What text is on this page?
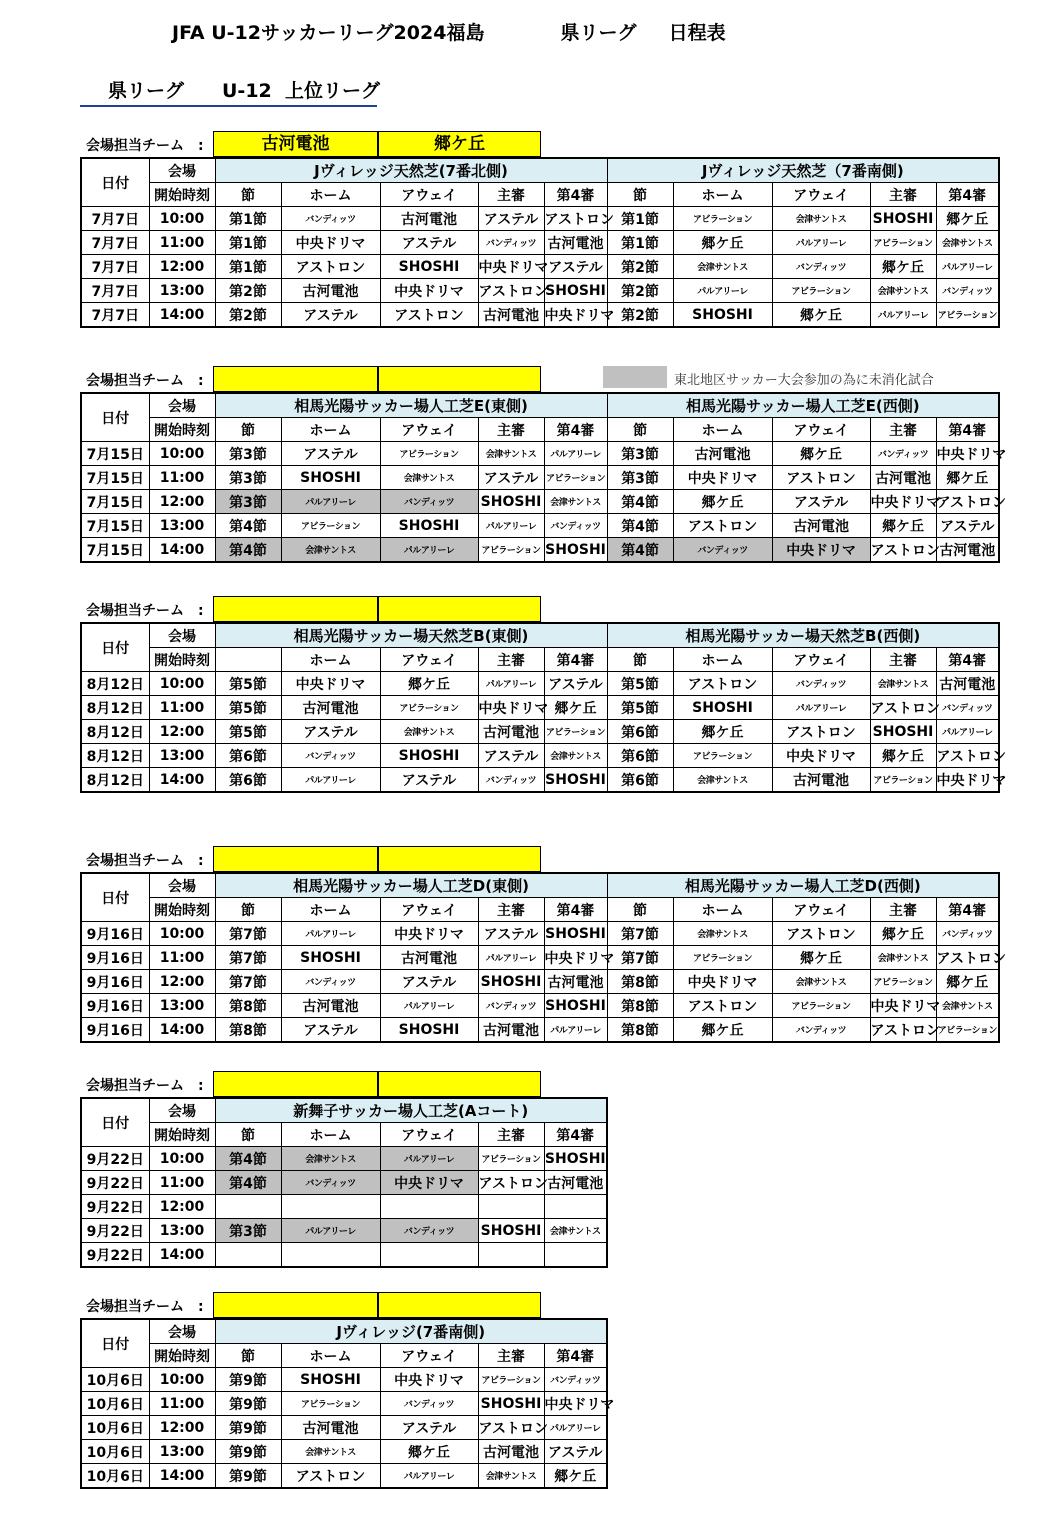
JFA U-12サッカーリーグ2024福島　　　　県リーグ　  日程表
県リーグ　　U-12  上位リーグ
会場担当チーム　:	古河電池	郷ケ丘
日付	会場	Jヴィレッジ天然芝(7番北側)					Jヴィレッジ天然芝（7番南側)				
	開始時刻	節	ホーム	アウェイ	主審	第4審	節	ホーム	アウェイ	主審	第4審
7月7日	10:00	第1節	バンディッツ	古河電池	アステル	アストロン	第1節	アビラーション	会津サントス	SHOSHI	郷ケ丘
7月7日	11:00	第1節	中央ドリマ	アステル	バンディッツ	古河電池	第1節	郷ケ丘	パルアリーレ	アビラーション	会津サントス
7月7日	12:00	第1節	アストロン	SHOSHI	中央ドリマ	アステル	第2節	会津サントス	バンディッツ	郷ケ丘	パルアリーレ
7月7日	13:00	第2節	古河電池	中央ドリマ	アストロン	SHOSHI	第2節	パルアリーレ	アビラーション	会津サントス	バンディッツ
7月7日	14:00	第2節	アステル	アストロン	古河電池	中央ドリマ	第2節	SHOSHI	郷ケ丘	パルアリーレ	アビラーション
会場担当チーム　:	東北地区サッカー大会参加の為に未消化試合
日付	会場	相馬光陽サッカー場人工芝E(東側)					相馬光陽サッカー場人工芝E(西側)				
	開始時刻	節	ホーム	アウェイ	主審	第4審	節	ホーム	アウェイ	主審	第4審
7月15日	10:00	第3節	アステル	アビラーション	会津サントス	パルアリーレ	第3節	古河電池	郷ケ丘	バンディッツ	中央ドリマ
7月15日	11:00	第3節	SHOSHI	会津サントス	アステル	アビラーション	第3節	中央ドリマ	アストロン	古河電池	郷ケ丘
7月15日	12:00	第3節	パルアリーレ	バンディッツ	SHOSHI	会津サントス	第4節	郷ケ丘	アステル	中央ドリマ	アストロン
7月15日	13:00	第4節	アビラーション	SHOSHI	パルアリーレ	バンディッツ	第4節	アストロン	古河電池	郷ケ丘	アステル
7月15日	14:00	第4節	会津サントス	パルアリーレ	アビラーション	SHOSHI	第4節	バンディッツ	中央ドリマ	アストロン	古河電池
会場担当チーム　:
日付	会場	相馬光陽サッカー場天然芝B(東側)					相馬光陽サッカー場天然芝B(西側)				
	開始時刻		ホーム	アウェイ	主審	第4審	節	ホーム	アウェイ	主審	第4審
8月12日	10:00	第5節	中央ドリマ	郷ケ丘	パルアリーレ	アステル	第5節	アストロン	バンディッツ	会津サントス	古河電池
8月12日	11:00	第5節	古河電池	アビラーション	中央ドリマ	郷ケ丘	第5節	SHOSHI	パルアリーレ	アストロン	バンディッツ
8月12日	12:00	第5節	アステル	会津サントス	古河電池	アビラーション	第6節	郷ケ丘	アストロン	SHOSHI	パルアリーレ
8月12日	13:00	第6節	バンディッツ	SHOSHI	アステル	会津サントス	第6節	アビラーション	中央ドリマ	郷ケ丘	アストロン
8月12日	14:00	第6節	パルアリーレ	アステル	バンディッツ	SHOSHI	第6節	会津サントス	古河電池	アビラーション	中央ドリマ
会場担当チーム　:
日付	会場	相馬光陽サッカー場人工芝D(東側)					相馬光陽サッカー場人工芝D(西側)				
	開始時刻	節	ホーム	アウェイ	主審	第4審	節	ホーム	アウェイ	主審	第4審
9月16日	10:00	第7節	パルアリーレ	中央ドリマ	アステル	SHOSHI	第7節	会津サントス	アストロン	郷ケ丘	バンディッツ
9月16日	11:00	第7節	SHOSHI	古河電池	パルアリーレ	中央ドリマ	第7節	アビラーション	郷ケ丘	会津サントス	アストロン
9月16日	12:00	第7節	バンディッツ	アステル	SHOSHI	古河電池	第8節	中央ドリマ	会津サントス	アビラーション	郷ケ丘
9月16日	13:00	第8節	古河電池	パルアリーレ	バンディッツ	SHOSHI	第8節	アストロン	アビラーション	中央ドリマ	会津サントス
9月16日	14:00	第8節	アステル	SHOSHI	古河電池	パルアリーレ	第8節	郷ケ丘	バンディッツ	アストロン	アビラーション
会場担当チーム　:
日付	会場	新舞子サッカー場人工芝(Aコート)				
	開始時刻	節	ホーム	アウェイ	主審	第4審
9月22日	10:00	第4節	会津サントス	パルアリーレ	アビラーション	SHOSHI
9月22日	11:00	第4節	バンディッツ	中央ドリマ	アストロン	古河電池
9月22日	12:00					
9月22日	13:00	第3節	パルアリーレ	バンディッツ	SHOSHI	会津サントス
9月22日	14:00					
会場担当チーム　:
日付	会場	Jヴィレッジ(7番南側)				
	開始時刻	節	ホーム	アウェイ	主審	第4審
10月6日	10:00	第9節	SHOSHI	中央ドリマ	アビラーション	バンディッツ
10月6日	11:00	第9節	アビラーション	バンディッツ	SHOSHI	中央ドリマ
10月6日	12:00	第9節	古河電池	アステル	アストロン	パルアリーレ
10月6日	13:00	第9節	会津サントス	郷ケ丘	古河電池	アステル
10月6日	14:00	第9節	アストロン	パルアリーレ	会津サントス	郷ケ丘
